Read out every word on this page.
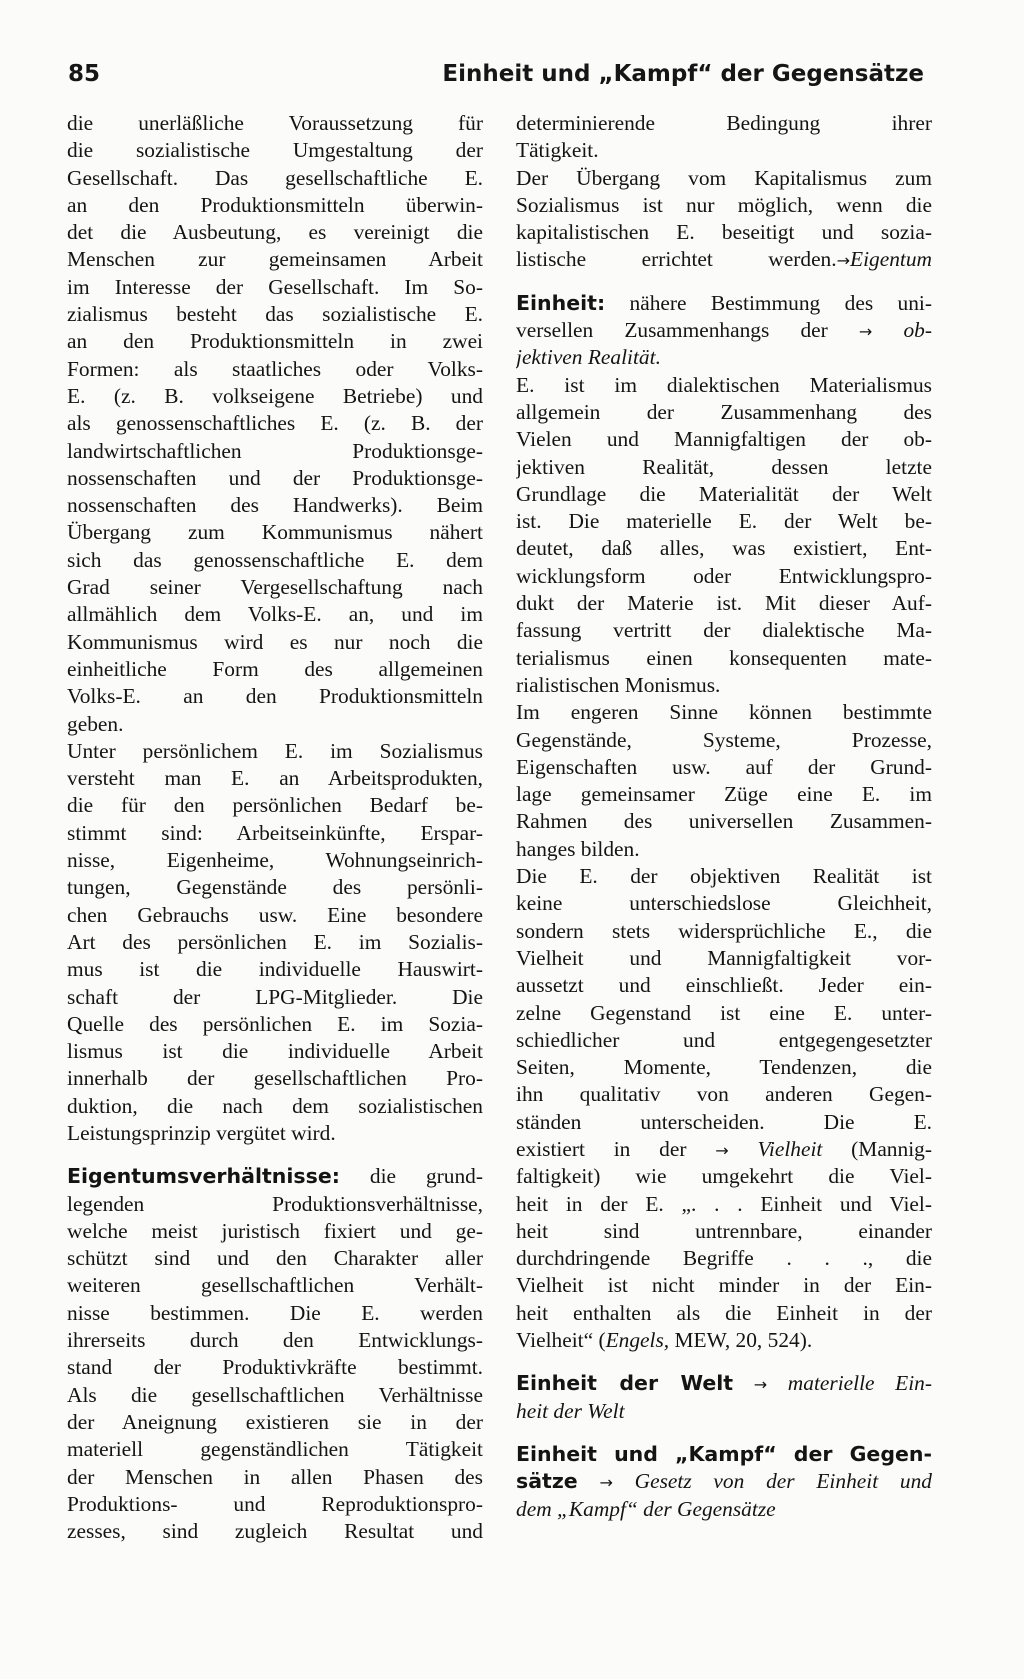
85	Einheit und „Kampf“ der Gegensätze
die unerläßliche Voraussetzung für
die sozialistische Umgestaltung der
Gesellschaft. Das gesellschaftliche E.
an den Produktionsmitteln überwin-
det die Ausbeutung, es vereinigt die
Menschen zur gemeinsamen Arbeit
im Interesse der Gesellschaft. Im So-
zialismus besteht das sozialistische E.
an den Produktionsmitteln in zwei
Formen: als staatliches oder Volks-
E. (z. B. volkseigene Betriebe) und
als genossenschaftliches E. (z. B. der
landwirtschaftlichen Produktionsge-
nossenschaften und der Produktionsge-
nossenschaften des Handwerks). Beim
Übergang zum Kommunismus nähert
sich das genossenschaftliche E. dem
Grad seiner Vergesellschaftung nach
allmählich dem Volks-E. an, und im
Kommunismus wird es nur noch die
einheitliche Form des allgemeinen
Volks-E. an den Produktionsmitteln
geben.
Unter persönlichem E. im Sozialismus
versteht man E. an Arbeitsprodukten,
die für den persönlichen Bedarf be-
stimmt sind: Arbeitseinkünfte, Erspar-
nisse, Eigenheime, Wohnungseinrich-
tungen, Gegenstände des persönli-
chen Gebrauchs usw. Eine besondere
Art des persönlichen E. im Sozialis-
mus ist die individuelle Hauswirt-
schaft der LPG-Mitglieder. Die
Quelle des persönlichen E. im Sozia-
lismus ist die individuelle Arbeit
innerhalb der gesellschaftlichen Pro-
duktion, die nach dem sozialistischen
Leistungsprinzip vergütet wird.
Eigentumsverhältnisse: die grund-
legenden Produktionsverhältnisse,
welche meist juristisch fixiert und ge-
schützt sind und den Charakter aller
weiteren gesellschaftlichen Verhält-
nisse bestimmen. Die E. werden
ihrerseits durch den Entwicklungs-
stand der Produktivkräfte bestimmt.
Als die gesellschaftlichen Verhältnisse
der Aneignung existieren sie in der
materiell gegenständlichen Tätigkeit
der Menschen in allen Phasen des
Produktions- und Reproduktionspro-
zesses, sind zugleich Resultat und
determinierende Bedingung ihrer
Tätigkeit.
Der Übergang vom Kapitalismus zum
Sozialismus ist nur möglich, wenn die
kapitalistischen E. beseitigt und sozia-
listische errichtet werden.→Eigentum
Einheit: nähere Bestimmung des uni-
versellen Zusammenhangs der → ob-
jektiven Realität.
E. ist im dialektischen Materialismus
allgemein der Zusammenhang des
Vielen und Mannigfaltigen der ob-
jektiven Realität, dessen letzte
Grundlage die Materialität der Welt
ist. Die materielle E. der Welt be-
deutet, daß alles, was existiert, Ent-
wicklungsform oder Entwicklungspro-
dukt der Materie ist. Mit dieser Auf-
fassung vertritt der dialektische Ma-
terialismus einen konsequenten mate-
rialistischen Monismus.
Im engeren Sinne können bestimmte
Gegenstände, Systeme, Prozesse,
Eigenschaften usw. auf der Grund-
lage gemeinsamer Züge eine E. im
Rahmen des universellen Zusammen-
hanges bilden.
Die E. der objektiven Realität ist
keine unterschiedslose Gleichheit,
sondern stets widersprüchliche E., die
Vielheit und Mannigfaltigkeit vor-
aussetzt und einschließt. Jeder ein-
zelne Gegenstand ist eine E. unter-
schiedlicher und entgegengesetzter
Seiten, Momente, Tendenzen, die
ihn qualitativ von anderen Gegen-
ständen unterscheiden. Die E.
existiert in der → Vielheit (Mannig-
faltigkeit) wie umgekehrt die Viel-
heit in der E. „. . . Einheit und Viel-
heit sind untrennbare, einander
durchdringende Begriffe . . ., die
Vielheit ist nicht minder in der Ein-
heit enthalten als die Einheit in der
Vielheit“ (Engels, MEW, 20, 524).
Einheit der Welt → materielle Ein-
heit der Welt
Einheit und „Kampf“ der Gegen-
sätze → Gesetz von der Einheit und
dem „Kampf“ der Gegensätze
